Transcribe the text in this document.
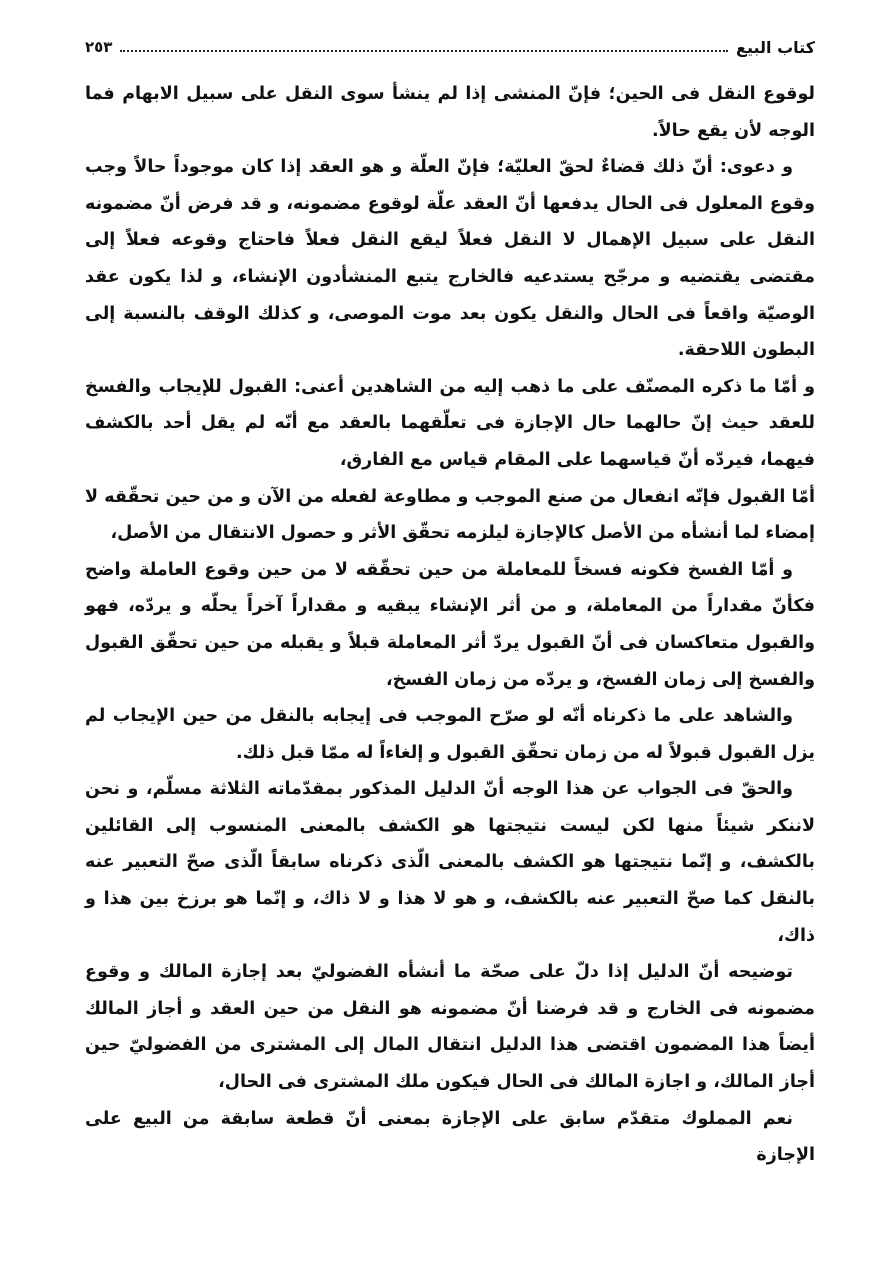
كتاب البيع
٢٥٣

لوقوع النقل فى الحين؛ فإنّ المنشى إذا لم ينشأ سوى النقل على سبيل الابهام فما الوجه لأن يقع حالاً.

و دعوى: أنّ ذلك قضاءٌ لحقّ العليّة؛ فإنّ العلّة و هو العقد إذا كان موجوداً حالاً وجب وقوع المعلول فى الحال يدفعها أنّ العقد علّة لوقوع مضمونه، و قد فرض أنّ مضمونه النقل على سبيل الإهمال لا النقل فعلاً ليقع النقل فعلاً فاحتاج وقوعه فعلاً إلى مقتضى يقتضيه و مرجّح يستدعيه فالخارج يتبع المنشأدون الإنشاء، و لذا يكون عقد الوصيّة واقعاً فى الحال والنقل يكون بعد موت الموصى، و كذلك الوقف بالنسبة إلى البطون اللاحقة.

و أمّا ما ذكره المصنّف على ما ذهب إليه من الشاهدين أعنى: القبول للإيجاب والفسخ للعقد حيث إنّ حالهما حال الإجازة فى تعلّقهما بالعقد مع أنّه لم يقل أحد بالكشف فيهما، فيردّه أنّ قياسهما على المقام قياس مع الفارق،

أمّا القبول فإنّه انفعال من صنع الموجب و مطاوعة لفعله من الآن و من حين تحقّقه لا إمضاء لما أنشأه من الأصل كالإجازة ليلزمه تحقّق الأثر و حصول الانتقال من الأصل،

و أمّا الفسخ فكونه فسخاً للمعاملة من حين تحقّقه لا من حين وقوع العاملة واضح فكأنّ مقداراً من المعاملة، و من أثر الإنشاء يبقيه و مقداراً آخراً يحلّه و يردّه، فهو والقبول متعاكسان فى أنّ القبول يردّ أثر المعاملة قبلاً و يقبله من حين تحقّق القبول والفسخ إلى زمان الفسخ، و يردّه من زمان الفسخ،

والشاهد على ما ذكرناه أنّه لو صرّح الموجب فى إيجابه بالنقل من حين الإيجاب لم يزل القبول قبولاً له من زمان تحقّق القبول و إلغاءاً له ممّا قبل ذلك.

والحقّ فى الجواب عن هذا الوجه أنّ الدليل المذكور بمقدّماته الثلاثة مسلّم، و نحن لاننكر شيئاً منها لكن ليست نتيجتها هو الكشف بالمعنى المنسوب إلى القائلين بالكشف، و إنّما نتيجتها هو الكشف بالمعنى الّذى ذكرناه سابقاً الّذى صحّ التعبير عنه بالنقل كما صحّ التعبير عنه بالكشف، و هو لا هذا و لا ذاك، و إنّما هو برزخ بين هذا و ذاك،

توضيحه أنّ الدليل إذا دلّ على صحّة ما أنشأه الفضوليّ بعد إجازة المالك و وقوع مضمونه فى الخارج و قد فرضنا أنّ مضمونه هو النقل من حين العقد و أجاز المالك أيضاً هذا المضمون اقتضى هذا الدليل انتقال المال إلى المشترى من الفضوليّ حين أجاز المالك، و اجازة المالك فى الحال فيكون ملك المشترى فى الحال،

نعم المملوك متقدّم سابق على الإجازة بمعنى أنّ قطعة سابقة من البيع على الإجازة
